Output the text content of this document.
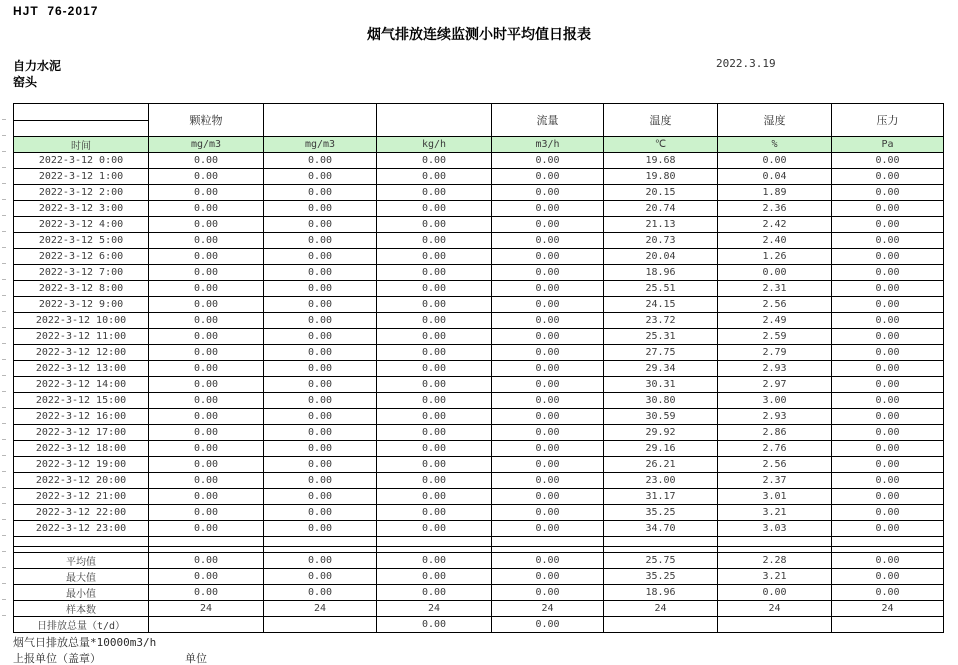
HJT  76-2017
烟气排放连续监测小时平均值日报表
自力水泥
窑头
2022.3.19
	颗粒物			流量	温度	湿度	压力
时间	mg/m3	mg/m3	kg/h	m3/h	℃	%	Pa
2022-3-12 0:00	0.00	0.00	0.00	0.00	19.68	0.00	0.00
2022-3-12 1:00	0.00	0.00	0.00	0.00	19.80	0.04	0.00
2022-3-12 2:00	0.00	0.00	0.00	0.00	20.15	1.89	0.00
2022-3-12 3:00	0.00	0.00	0.00	0.00	20.74	2.36	0.00
2022-3-12 4:00	0.00	0.00	0.00	0.00	21.13	2.42	0.00
2022-3-12 5:00	0.00	0.00	0.00	0.00	20.73	2.40	0.00
2022-3-12 6:00	0.00	0.00	0.00	0.00	20.04	1.26	0.00
2022-3-12 7:00	0.00	0.00	0.00	0.00	18.96	0.00	0.00
2022-3-12 8:00	0.00	0.00	0.00	0.00	25.51	2.31	0.00
2022-3-12 9:00	0.00	0.00	0.00	0.00	24.15	2.56	0.00
2022-3-12 10:00	0.00	0.00	0.00	0.00	23.72	2.49	0.00
2022-3-12 11:00	0.00	0.00	0.00	0.00	25.31	2.59	0.00
2022-3-12 12:00	0.00	0.00	0.00	0.00	27.75	2.79	0.00
2022-3-12 13:00	0.00	0.00	0.00	0.00	29.34	2.93	0.00
2022-3-12 14:00	0.00	0.00	0.00	0.00	30.31	2.97	0.00
2022-3-12 15:00	0.00	0.00	0.00	0.00	30.80	3.00	0.00
2022-3-12 16:00	0.00	0.00	0.00	0.00	30.59	2.93	0.00
2022-3-12 17:00	0.00	0.00	0.00	0.00	29.92	2.86	0.00
2022-3-12 18:00	0.00	0.00	0.00	0.00	29.16	2.76	0.00
2022-3-12 19:00	0.00	0.00	0.00	0.00	26.21	2.56	0.00
2022-3-12 20:00	0.00	0.00	0.00	0.00	23.00	2.37	0.00
2022-3-12 21:00	0.00	0.00	0.00	0.00	31.17	3.01	0.00
2022-3-12 22:00	0.00	0.00	0.00	0.00	35.25	3.21	0.00
2022-3-12 23:00	0.00	0.00	0.00	0.00	34.70	3.03	0.00

平均值	0.00	0.00	0.00	0.00	25.75	2.28	0.00
最大值	0.00	0.00	0.00	0.00	35.25	3.21	0.00
最小值	0.00	0.00	0.00	0.00	18.96	0.00	0.00
样本数	24	24	24	24	24	24	24
日排放总量（t/d）			0.00	0.00			
烟气日排放总量*10000m3/h
上报单位（盖章）	单位
